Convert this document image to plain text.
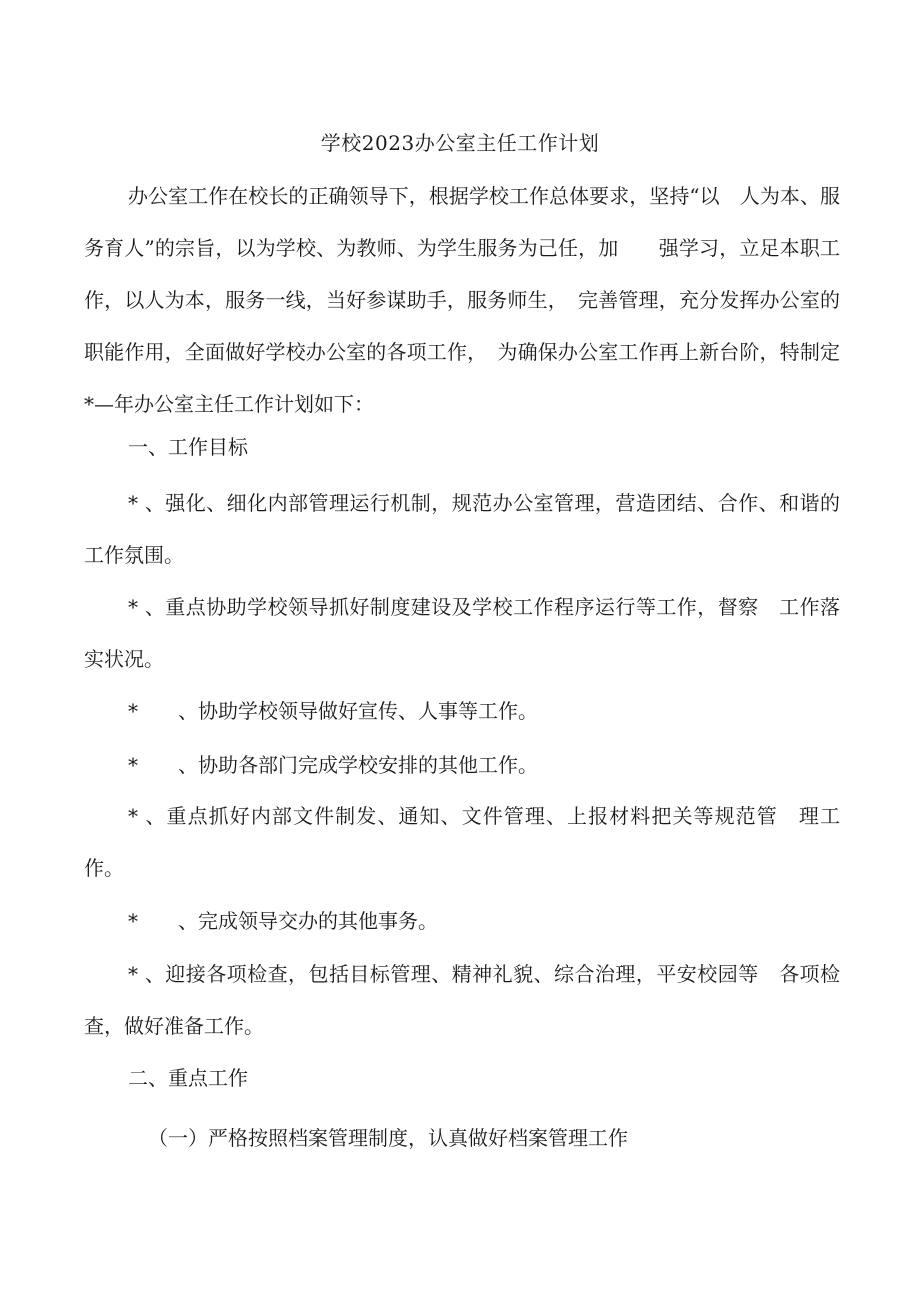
学校2023办公室主任工作计划
办公室工作在校长的正确领导下，根据学校工作总体要求，坚持“以　人为本、服务育人”的宗旨，以为学校、为教师、为学生服务为己任，加　　强学习，立足本职工作，以人为本，服务一线，当好参谋助手，服务师生，　完善管理，充分发挥办公室的职能作用，全面做好学校办公室的各项工作，　为确保办公室工作再上新台阶，特制定*—年办公室主任工作计划如下：
一、工作目标
* 、强化、细化内部管理运行机制，规范办公室管理，营造团结、合作、和谐的工作氛围。
* 、重点协助学校领导抓好制度建设及学校工作程序运行等工作，督察　工作落实状况。
*　　、协助学校领导做好宣传、人事等工作。
*　　、协助各部门完成学校安排的其他工作。
* 、重点抓好内部文件制发、通知、文件管理、上报材料把关等规范管　理工作。
*　　、完成领导交办的其他事务。
* 、迎接各项检查，包括目标管理、精神礼貌、综合治理，平安校园等　各项检查，做好准备工作。
二、重点工作
（一）严格按照档案管理制度，认真做好档案管理工作
